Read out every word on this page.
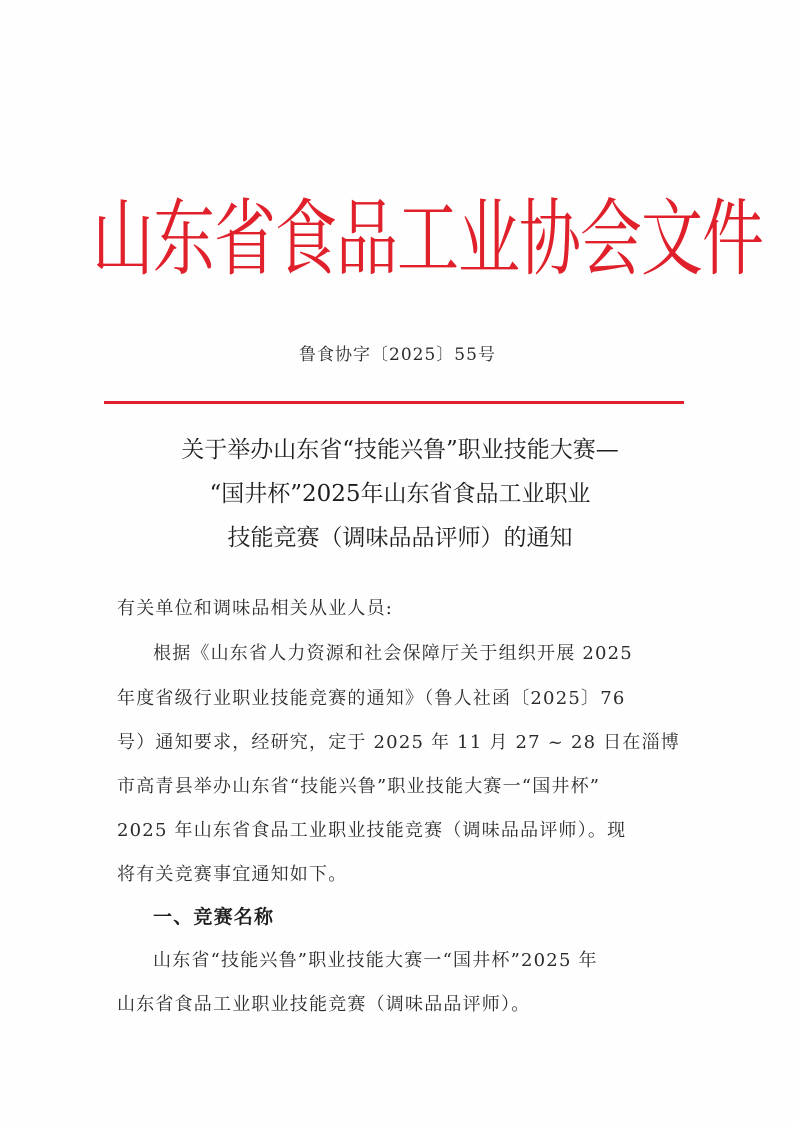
山
东
省
食
品
工
业
协
会
文
件
鲁食协字〔2025〕55号
关于举办山东省“技能兴鲁”职业技能大赛—
“国井杯”2025年山东省食品工业职业
技能竞赛（调味品品评师）的通知
有关单位和调味品相关从业人员:
根据《山东省人力资源和社会保障厅关于组织开展 2025
年度省级行业职业技能竞赛的通知》（鲁人社函〔2025〕76
号）通知要求，经研究，定于 2025 年 11 月 27 ~ 28 日在淄博
市高青县举办山东省“技能兴鲁”职业技能大赛一“国井杯”
2025 年山东省食品工业职业技能竞赛（调味品品评师）。现
将有关竞赛事宜通知如下。
一、竞赛名称
山东省“技能兴鲁”职业技能大赛一“国井杯”2025 年
山东省食品工业职业技能竞赛（调味品品评师）。
